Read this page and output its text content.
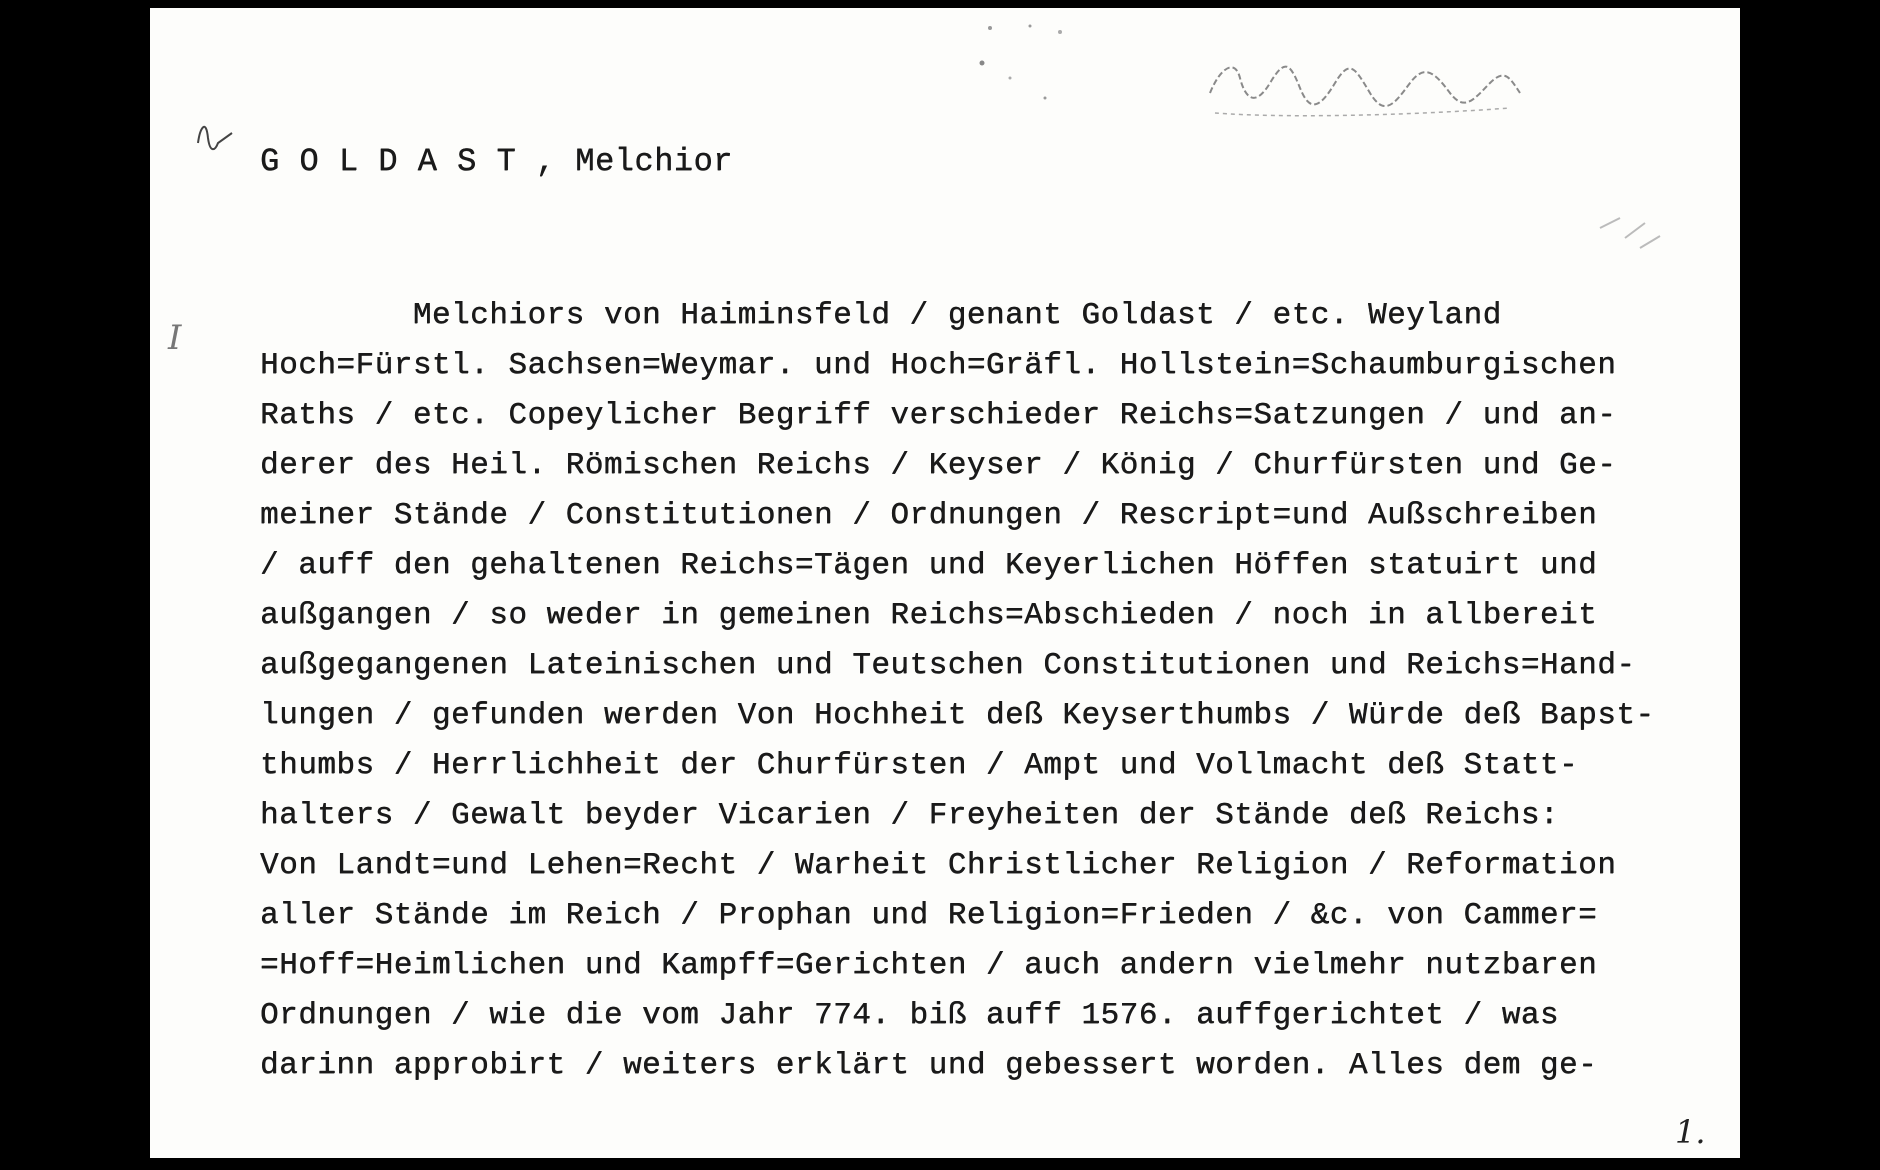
G O L D A S T , Melchior
I
Melchiors von Haiminsfeld / genant Goldast / etc. Weyland
Hoch=Fürstl. Sachsen=Weymar. und Hoch=Gräfl. Hollstein=Schaumburgischen
Raths / etc. Copeylicher Begriff verschieder Reichs=Satzungen / und an-
derer des Heil. Römischen Reichs / Keyser / König / Churfürsten und Ge-
meiner Stände / Constitutionen / Ordnungen / Rescript=und Außschreiben
/ auff den gehaltenen Reichs=Tägen und Keyerlichen Höffen statuirt und
außgangen / so weder in gemeinen Reichs=Abschieden / noch in allbereit
außgegangenen Lateinischen und Teutschen Constitutionen und Reichs=Hand-
lungen / gefunden werden Von Hochheit deß Keyserthumbs / Würde deß Bapst-
thumbs / Herrlichheit der Churfürsten / Ampt und Vollmacht deß Statt-
halters / Gewalt beyder Vicarien / Freyheiten der Stände deß Reichs:
Von Landt=und Lehen=Recht / Warheit Christlicher Religion / Reformation
aller Stände im Reich / Prophan und Religion=Frieden / &c. von Cammer=
=Hoff=Heimlichen und Kampff=Gerichten / auch andern vielmehr nutzbaren
Ordnungen / wie die vom Jahr 774. biß auff 1576. auffgerichtet / was
darinn approbirt / weiters erklärt und gebessert worden. Alles dem ge-
1.
